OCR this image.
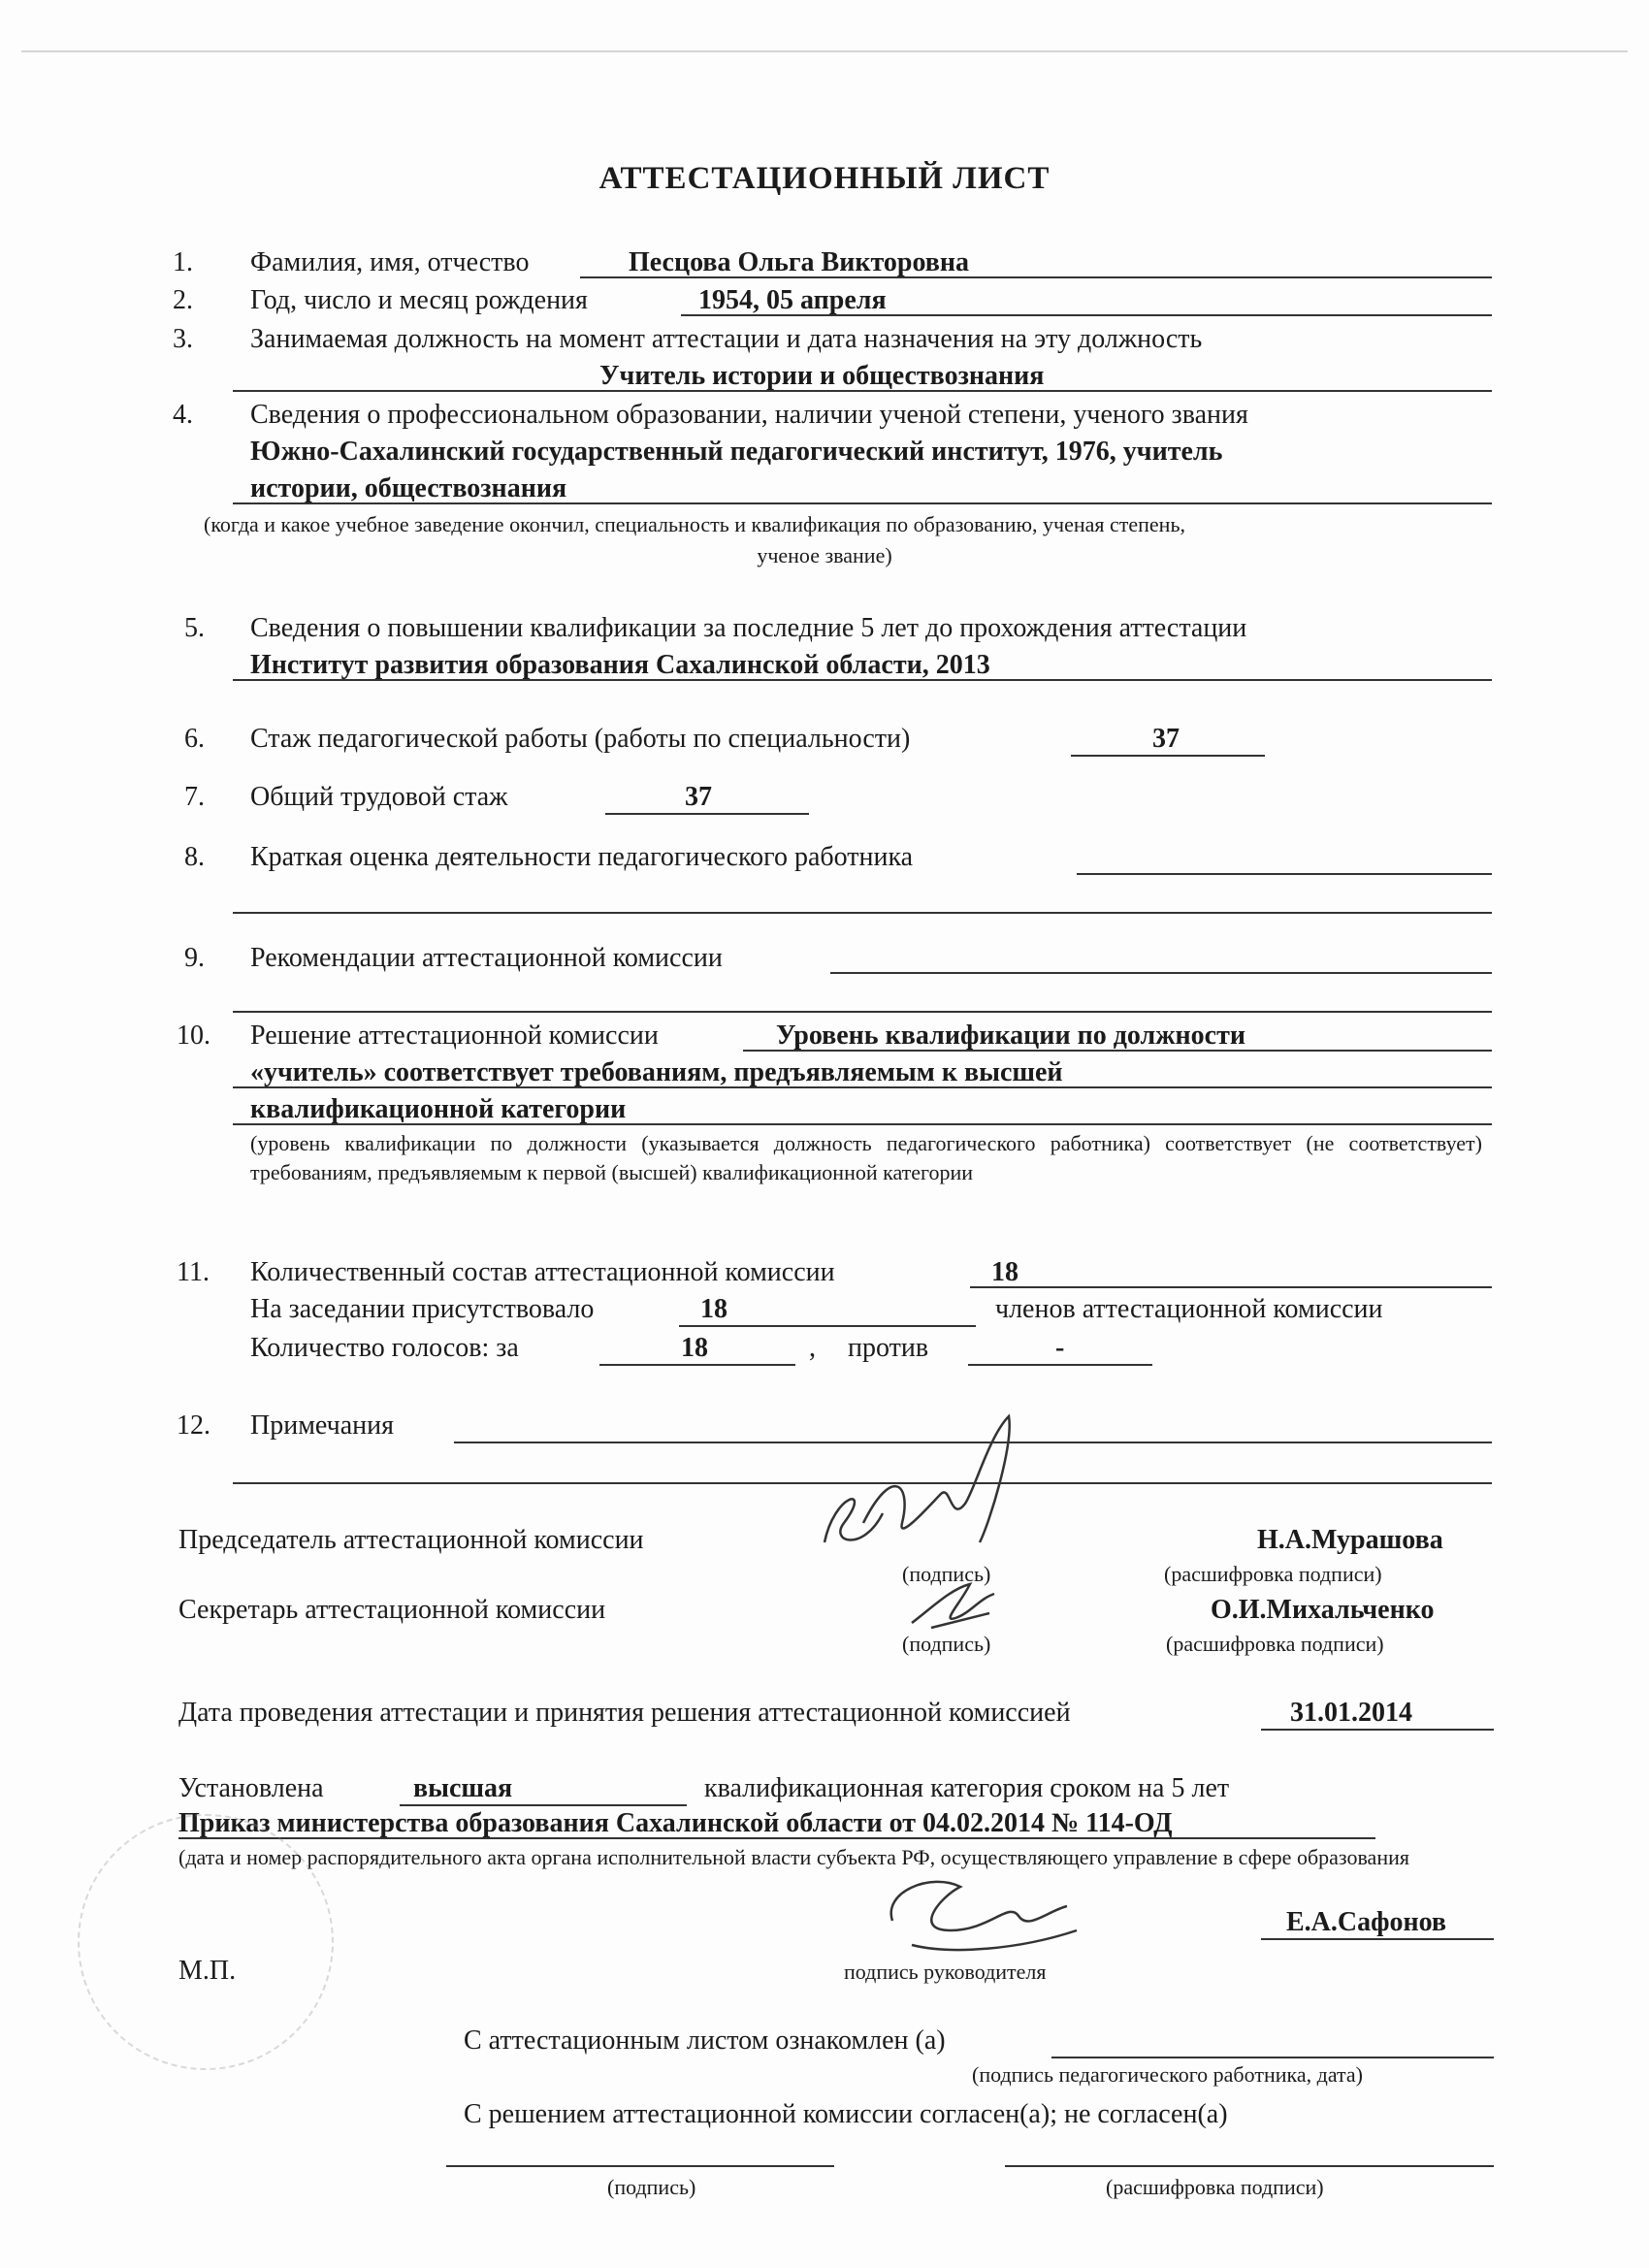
АТТЕСТАЦИОННЫЙ ЛИСТ
1. Фамилия, имя, отчество	Песцова Ольга Викторовна
2. Год, число и месяц рождения	1954, 05 апреля
3. Занимаемая должность на момент аттестации и дата назначения на эту должность
Учитель истории и обществознания
4. Сведения о профессиональном образовании, наличии ученой степени, ученого звания
Южно-Сахалинский государственный педагогический институт, 1976, учитель
истории, обществознания
(когда и какое учебное заведение окончил, специальность и квалификация по образованию, ученая степень,
ученое звание)
5. Сведения о повышении квалификации за последние 5 лет до прохождения аттестации
Институт развития образования Сахалинской области, 2013
6. Стаж педагогической работы (работы по специальности)	37
7. Общий трудовой стаж	37
8. Краткая оценка деятельности педагогического работника
9. Рекомендации аттестационной комиссии
10. Решение аттестационной комиссии	Уровень квалификации по должности
«учитель» соответствует требованиям, предъявляемым к высшей
квалификационной категории
(уровень квалификации по должности (указывается должность педагогического работника) соответствует (не соответствует) требованиям, предъявляемым к первой (высшей) квалификационной категории
11. Количественный состав аттестационной комиссии	18
На заседании присутствовало	18	членов аттестационной комиссии
Количество голосов: за	18	, против	-
12. Примечания
Председатель аттестационной комиссии	Н.А.Мурашова
(подпись)	(расшифровка подписи)
Секретарь аттестационной комиссии	О.И.Михальченко
(подпись)	(расшифровка подписи)
Дата проведения аттестации и принятия решения аттестационной комиссией	31.01.2014
Установлена	высшая	квалификационная категория сроком на 5 лет
Приказ министерства образования Сахалинской области от 04.02.2014 № 114-ОД
(дата и номер распорядительного акта органа исполнительной власти субъекта РФ, осуществляющего управление в сфере образования
Е.А.Сафонов
М.П.	подпись руководителя
С аттестационным листом ознакомлен (а)
(подпись педагогического работника, дата)
С решением аттестационной комиссии согласен(а); не согласен(а)
(подпись)	(расшифровка подписи)
